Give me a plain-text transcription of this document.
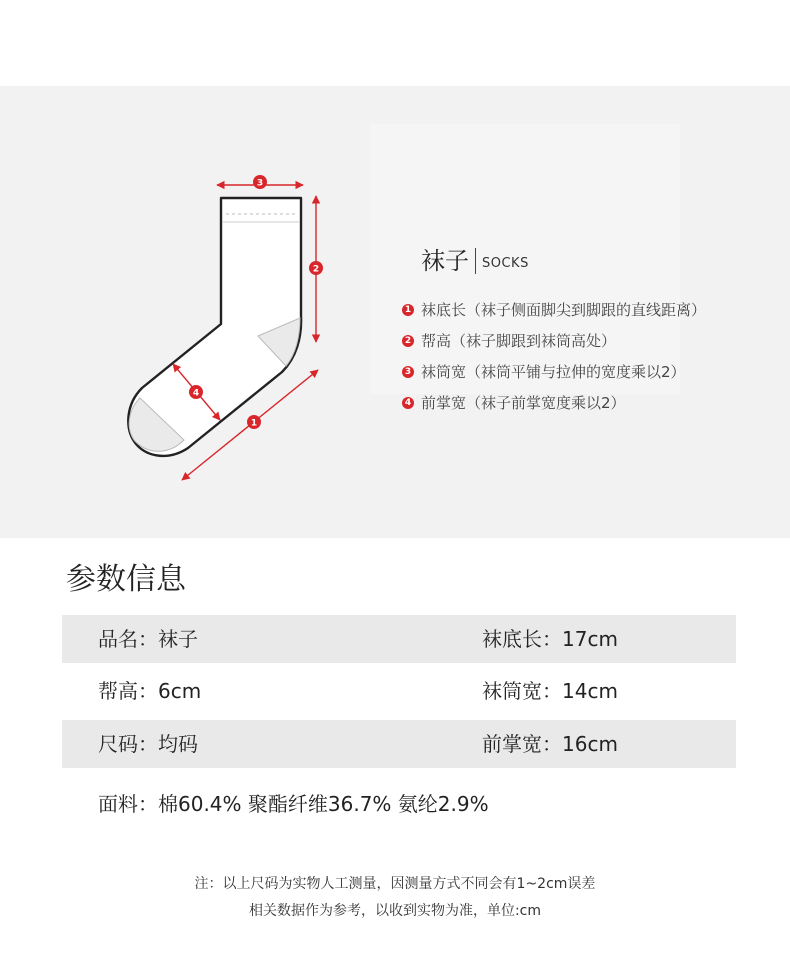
3
2
4
1
袜子 SOCKS
1 袜底长（袜子侧面脚尖到脚跟的直线距离）
2 帮高（袜子脚跟到袜筒高处）
3 袜筒宽（袜筒平铺与拉伸的宽度乘以2）
4 前掌宽（袜子前掌宽度乘以2）
参数信息
品名：袜子	袜底长：17cm
帮高：6cm	袜筒宽：14cm
尺码：均码	前掌宽：16cm
面料：棉60.4% 聚酯纤维36.7% 氨纶2.9%
注：以上尺码为实物人工测量，因测量方式不同会有1~2cm误差
相关数据作为参考，以收到实物为准，单位:cm
